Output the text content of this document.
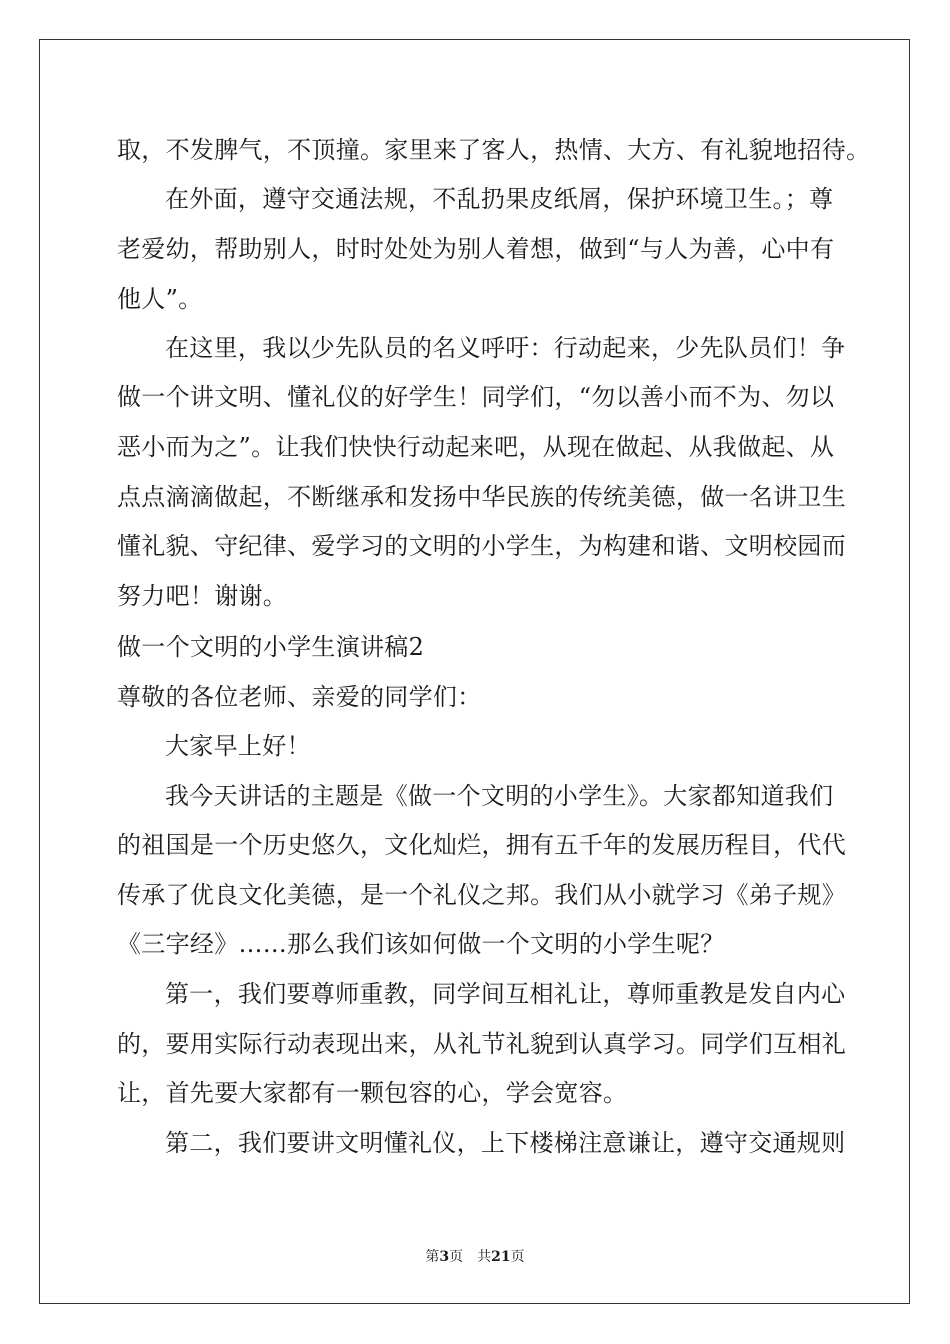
取，不发脾气，不顶撞。家里来了客人，热情、大方、有礼貌地招待。
在外面，遵守交通法规，不乱扔果皮纸屑，保护环境卫生。；尊
老爱幼，帮助别人，时时处处为别人着想，做到“与人为善，心中有
他人”。
在这里，我以少先队员的名义呼吁：行动起来，少先队员们！争
做一个讲文明、懂礼仪的好学生！同学们，“勿以善小而不为、勿以
恶小而为之”。让我们快快行动起来吧，从现在做起、从我做起、从
点点滴滴做起，不断继承和发扬中华民族的传统美德，做一名讲卫生
懂礼貌、守纪律、爱学习的文明的小学生，为构建和谐、文明校园而
努力吧！谢谢。
做一个文明的小学生演讲稿2
尊敬的各位老师、亲爱的同学们：
大家早上好！
我今天讲话的主题是《做一个文明的小学生》。大家都知道我们
的祖国是一个历史悠久，文化灿烂，拥有五千年的发展历程目，代代
传承了优良文化美德，是一个礼仪之邦。我们从小就学习《弟子规》
《三字经》……那么我们该如何做一个文明的小学生呢？
第一，我们要尊师重教，同学间互相礼让，尊师重教是发自内心
的，要用实际行动表现出来，从礼节礼貌到认真学习。同学们互相礼
让，首先要大家都有一颗包容的心，学会宽容。
第二，我们要讲文明懂礼仪，上下楼梯注意谦让，遵守交通规则
第3页 共21页
